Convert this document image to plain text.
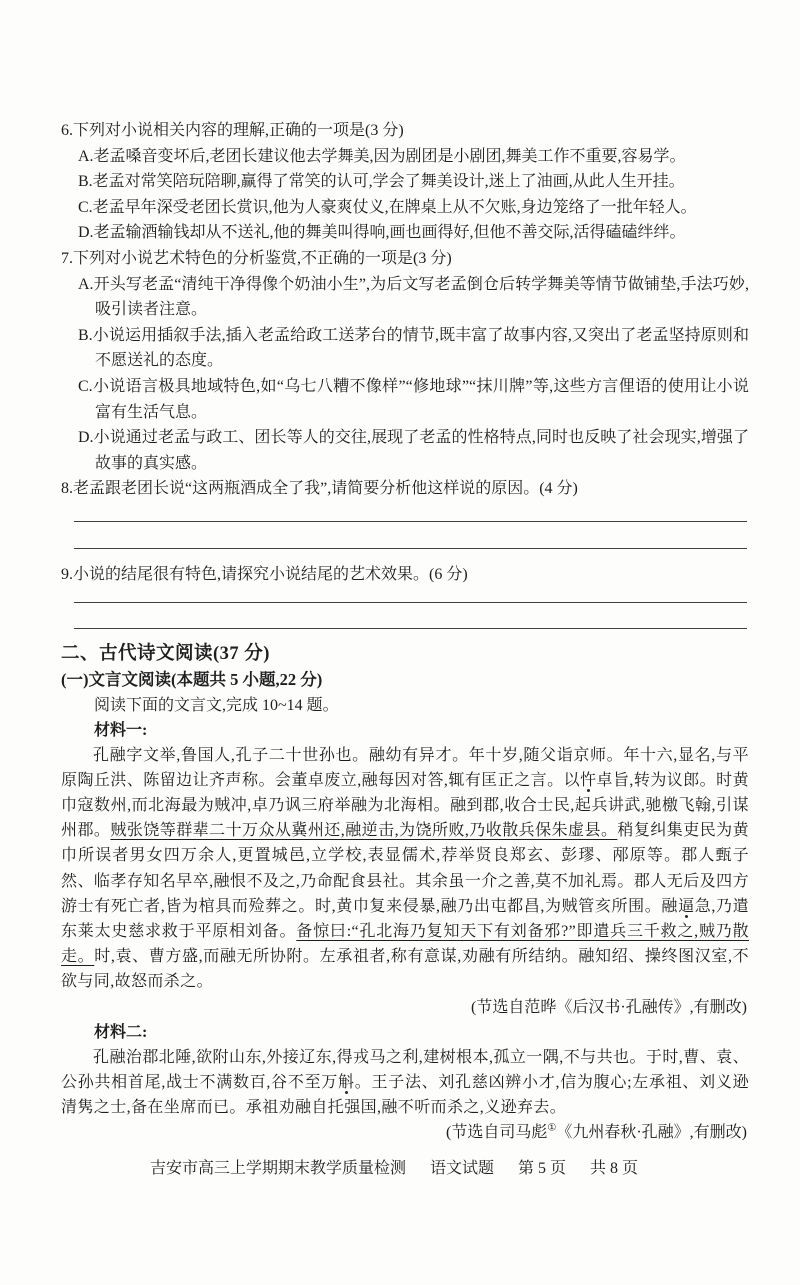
6.下列对小说相关内容的理解,正确的一项是(3 分)
A.老孟嗓音变坏后,老团长建议他去学舞美,因为剧团是小剧团,舞美工作不重要,容易学。
B.老孟对常笑陪玩陪聊,赢得了常笑的认可,学会了舞美设计,迷上了油画,从此人生开挂。
C.老孟早年深受老团长赏识,他为人豪爽仗义,在牌桌上从不欠账,身边笼络了一批年轻人。
D.老孟输酒输钱却从不送礼,他的舞美叫得响,画也画得好,但他不善交际,活得磕磕绊绊。
7.下列对小说艺术特色的分析鉴赏,不正确的一项是(3 分)
A.开头写老孟“清纯干净得像个奶油小生”,为后文写老孟倒仓后转学舞美等情节做铺垫,手法巧妙,吸引读者注意。
B.小说运用插叙手法,插入老孟给政工送茅台的情节,既丰富了故事内容,又突出了老孟坚持原则和不愿送礼的态度。
C.小说语言极具地域特色,如“乌七八糟不像样”“修地球”“抹川牌”等,这些方言俚语的使用让小说富有生活气息。
D.小说通过老孟与政工、团长等人的交往,展现了老孟的性格特点,同时也反映了社会现实,增强了故事的真实感。
8.老孟跟老团长说“这两瓶酒成全了我”,请简要分析他这样说的原因。(4 分)
9.小说的结尾很有特色,请探究小说结尾的艺术效果。(6 分)
二、古代诗文阅读(37 分)
(一)文言文阅读(本题共 5 小题,22 分)
阅读下面的文言文,完成 10~14 题。
材料一:

孔融字文举,鲁国人,孔子二十世孙也。融幼有异才。年十岁,随父诣京师。年十六,显名,与平原陶丘洪、陈留边让齐声称。会董卓废立,融每因对答,辄有匡正之言。以忤卓旨,转为议郎。时黄巾寇数州,而北海最为贼冲,卓乃讽三府举融为北海相。融到郡,收合士民,起兵讲武,驰檄飞翰,引谋州郡。贼张饶等群辈二十万众从冀州还,融逆击,为饶所败,乃收散兵保朱虚县。稍复纠集吏民为黄巾所误者男女四万余人,更置城邑,立学校,表显儒术,荐举贤良郑玄、彭璆、邴原等。郡人甄子然、临孝存知名早卒,融恨不及之,乃命配食县社。其余虽一介之善,莫不加礼焉。郡人无后及四方游士有死亡者,皆为棺具而殓葬之。时,黄巾复来侵暴,融乃出屯都昌,为贼管亥所围。融逼急,乃遣东莱太史慈求救于平原相刘备。备惊曰:“孔北海乃复知天下有刘备邪?”即遣兵三千救之,贼乃散走。时,袁、曹方盛,而融无所协附。左承祖者,称有意谋,劝融有所结纳。融知绍、操终图汉室,不欲与同,故怒而杀之。

(节选自范晔《后汉书·孔融传》,有删改)
材料二:

孔融治郡北陲,欲附山东,外接辽东,得戎马之利,建树根本,孤立一隅,不与共也。于时,曹、袁、公孙共相首尾,战士不满数百,谷不至万斛。王子法、刘孔慈凶辨小才,信为腹心;左承祖、刘义逊清隽之士,备在坐席而已。承祖劝融自托强国,融不听而杀之,义逊弃去。

(节选自司马彪①《九州春秋·孔融》,有删改)
吉安市高三上学期期末教学质量检测 语文试题 第 5 页 共 8 页
